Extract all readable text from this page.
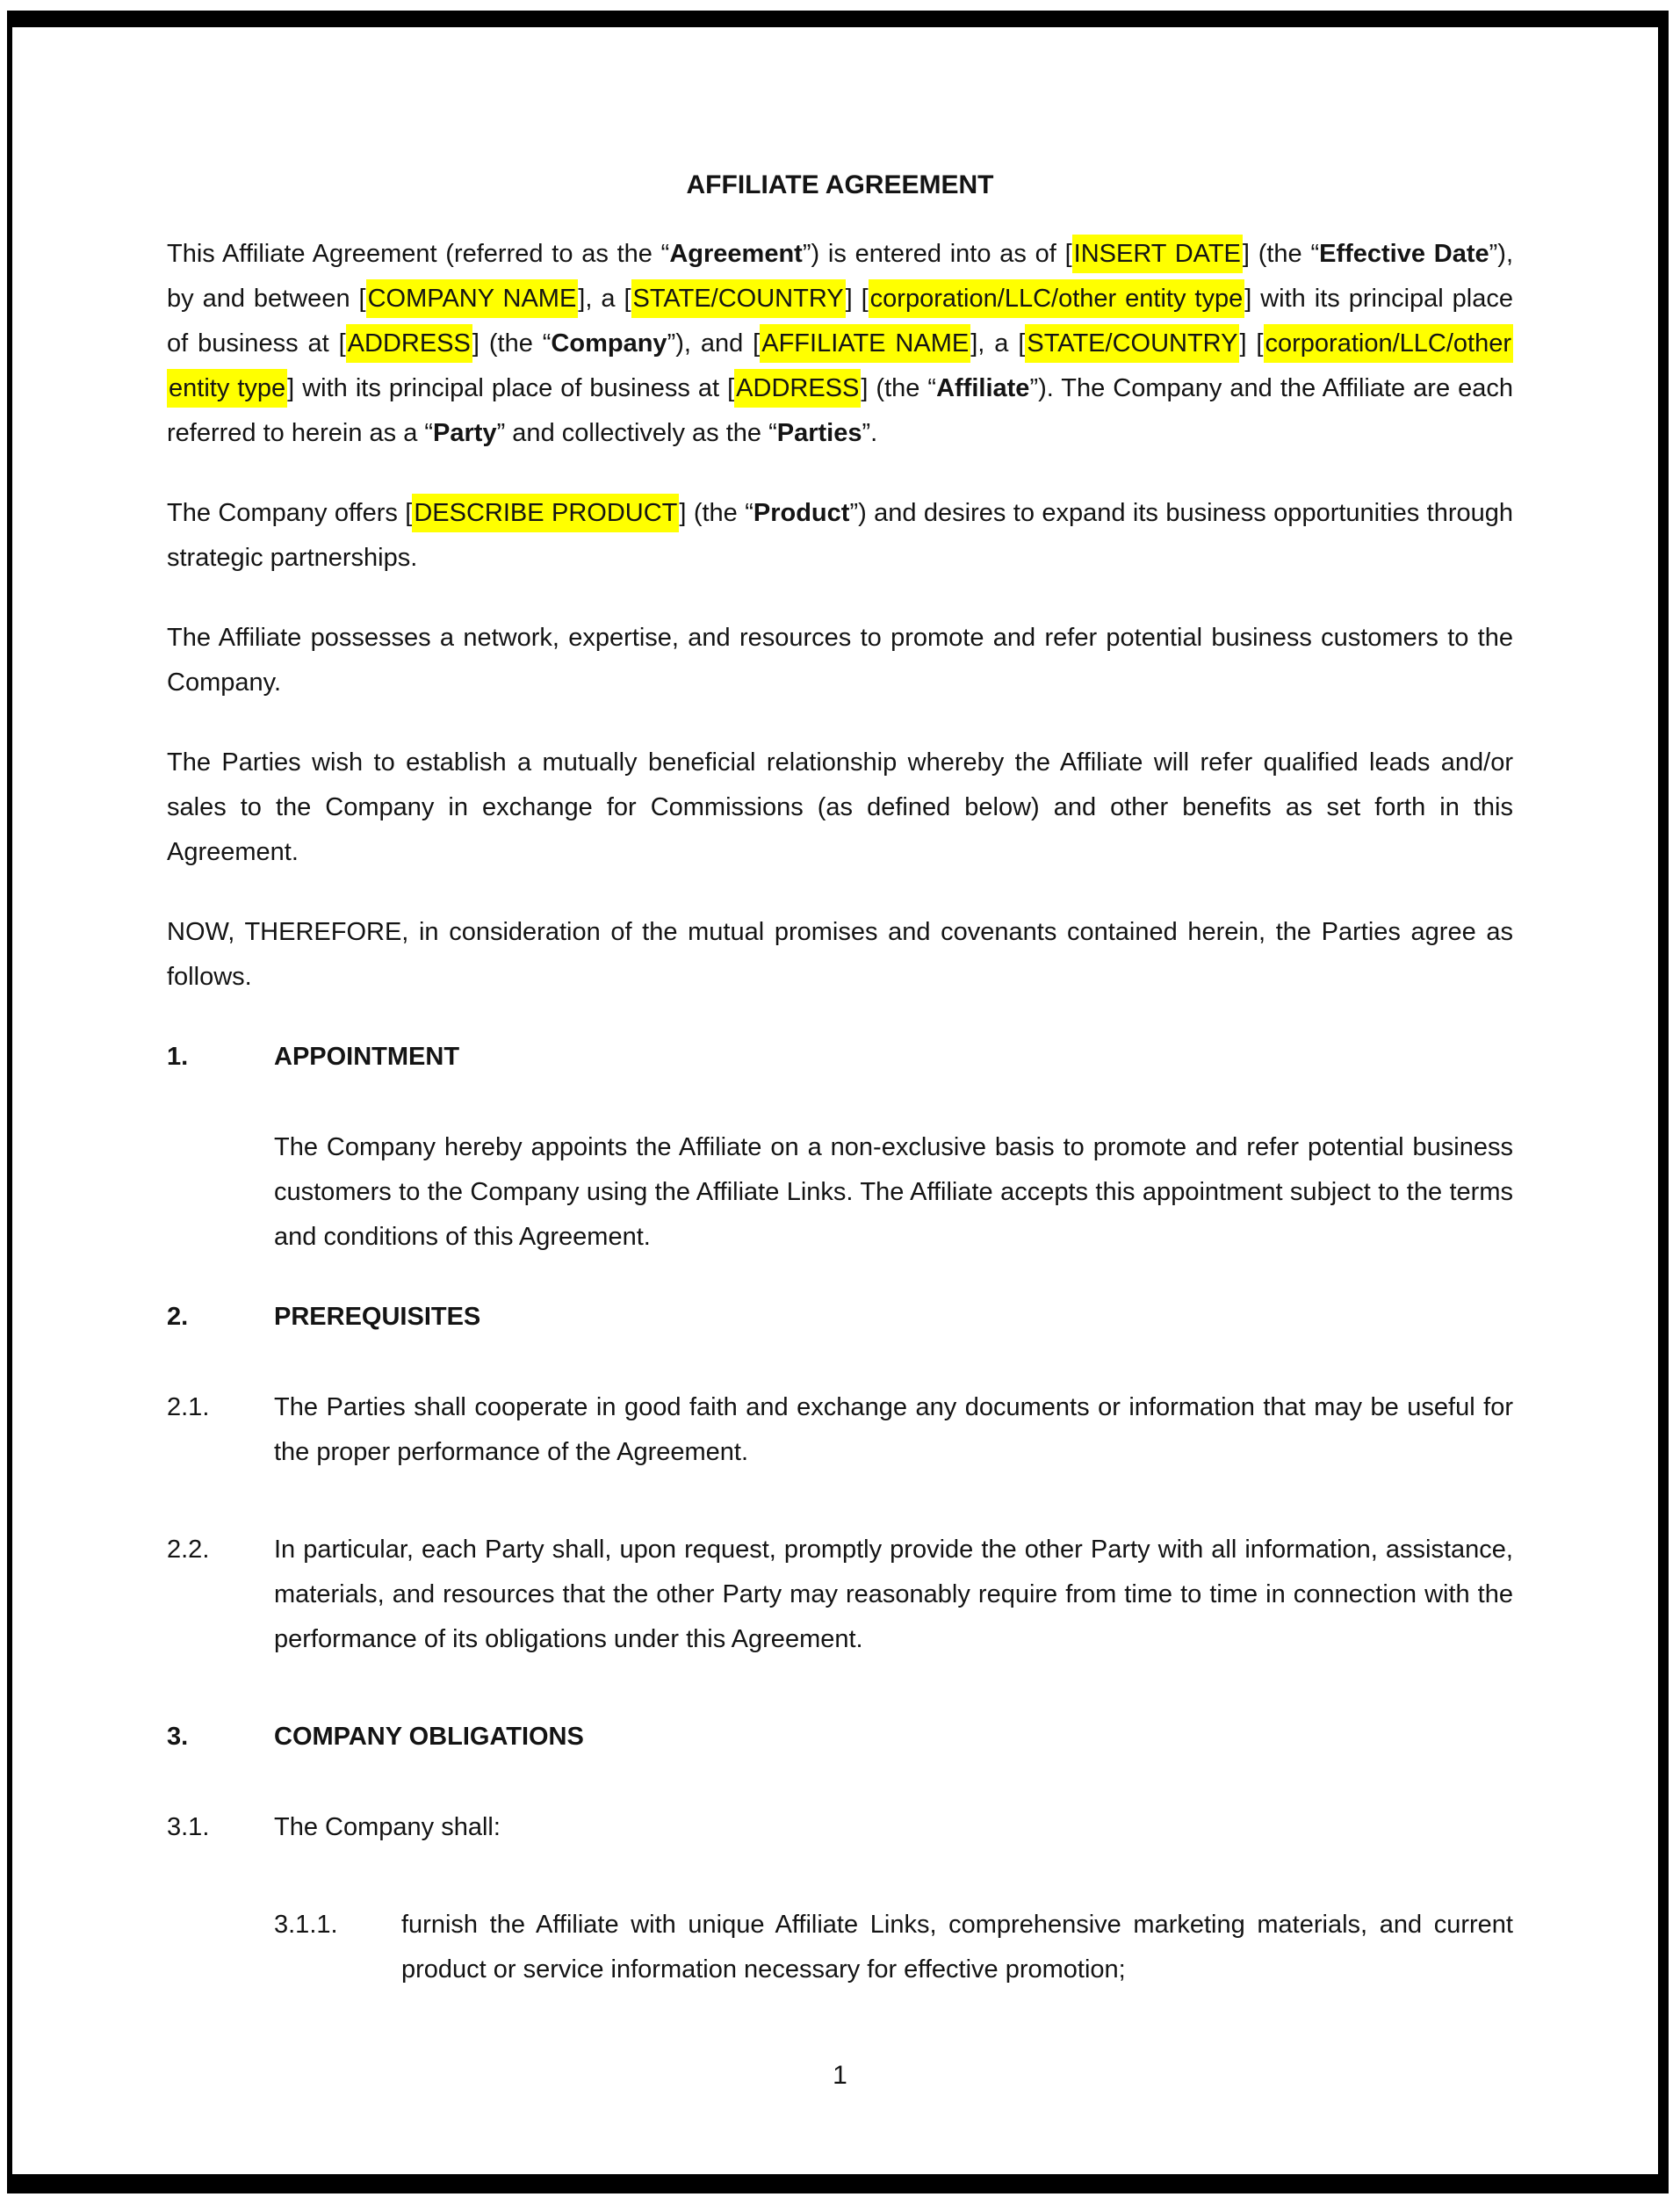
AFFILIATE AGREEMENT

This Affiliate Agreement (referred to as the “Agreement”) is entered into as of [INSERT DATE] (the “Effective Date”), by and between [COMPANY NAME], a [STATE/COUNTRY] [corporation/LLC/other entity type] with its principal place of business at [ADDRESS] (the “Company”), and [AFFILIATE NAME], a [STATE/COUNTRY] [corporation/LLC/other entity type] with its principal place of business at [ADDRESS] (the “Affiliate”). The Company and the Affiliate are each referred to herein as a “Party” and collectively as the “Parties”.

The Company offers [DESCRIBE PRODUCT] (the “Product”) and desires to expand its business opportunities through strategic partnerships.

The Affiliate possesses a network, expertise, and resources to promote and refer potential business customers to the Company.

The Parties wish to establish a mutually beneficial relationship whereby the Affiliate will refer qualified leads and/or sales to the Company in exchange for Commissions (as defined below) and other benefits as set forth in this Agreement.

NOW, THEREFORE, in consideration of the mutual promises and covenants contained herein, the Parties agree as follows.

1.	APPOINTMENT

The Company hereby appoints the Affiliate on a non-exclusive basis to promote and refer potential business customers to the Company using the Affiliate Links. The Affiliate accepts this appointment subject to the terms and conditions of this Agreement.

2.	PREREQUISITES
2.1.	The Parties shall cooperate in good faith and exchange any documents or information that may be useful for the proper performance of the Agreement.

2.2.	In particular, each Party shall, upon request, promptly provide the other Party with all information, assistance, materials, and resources that the other Party may reasonably require from time to time in connection with the performance of its obligations under this Agreement.

3.	COMPANY OBLIGATIONS
3.1.	The Company shall:

3.1.1.	furnish the Affiliate with unique Affiliate Links, comprehensive marketing materials, and current product or service information necessary for effective promotion;

1
